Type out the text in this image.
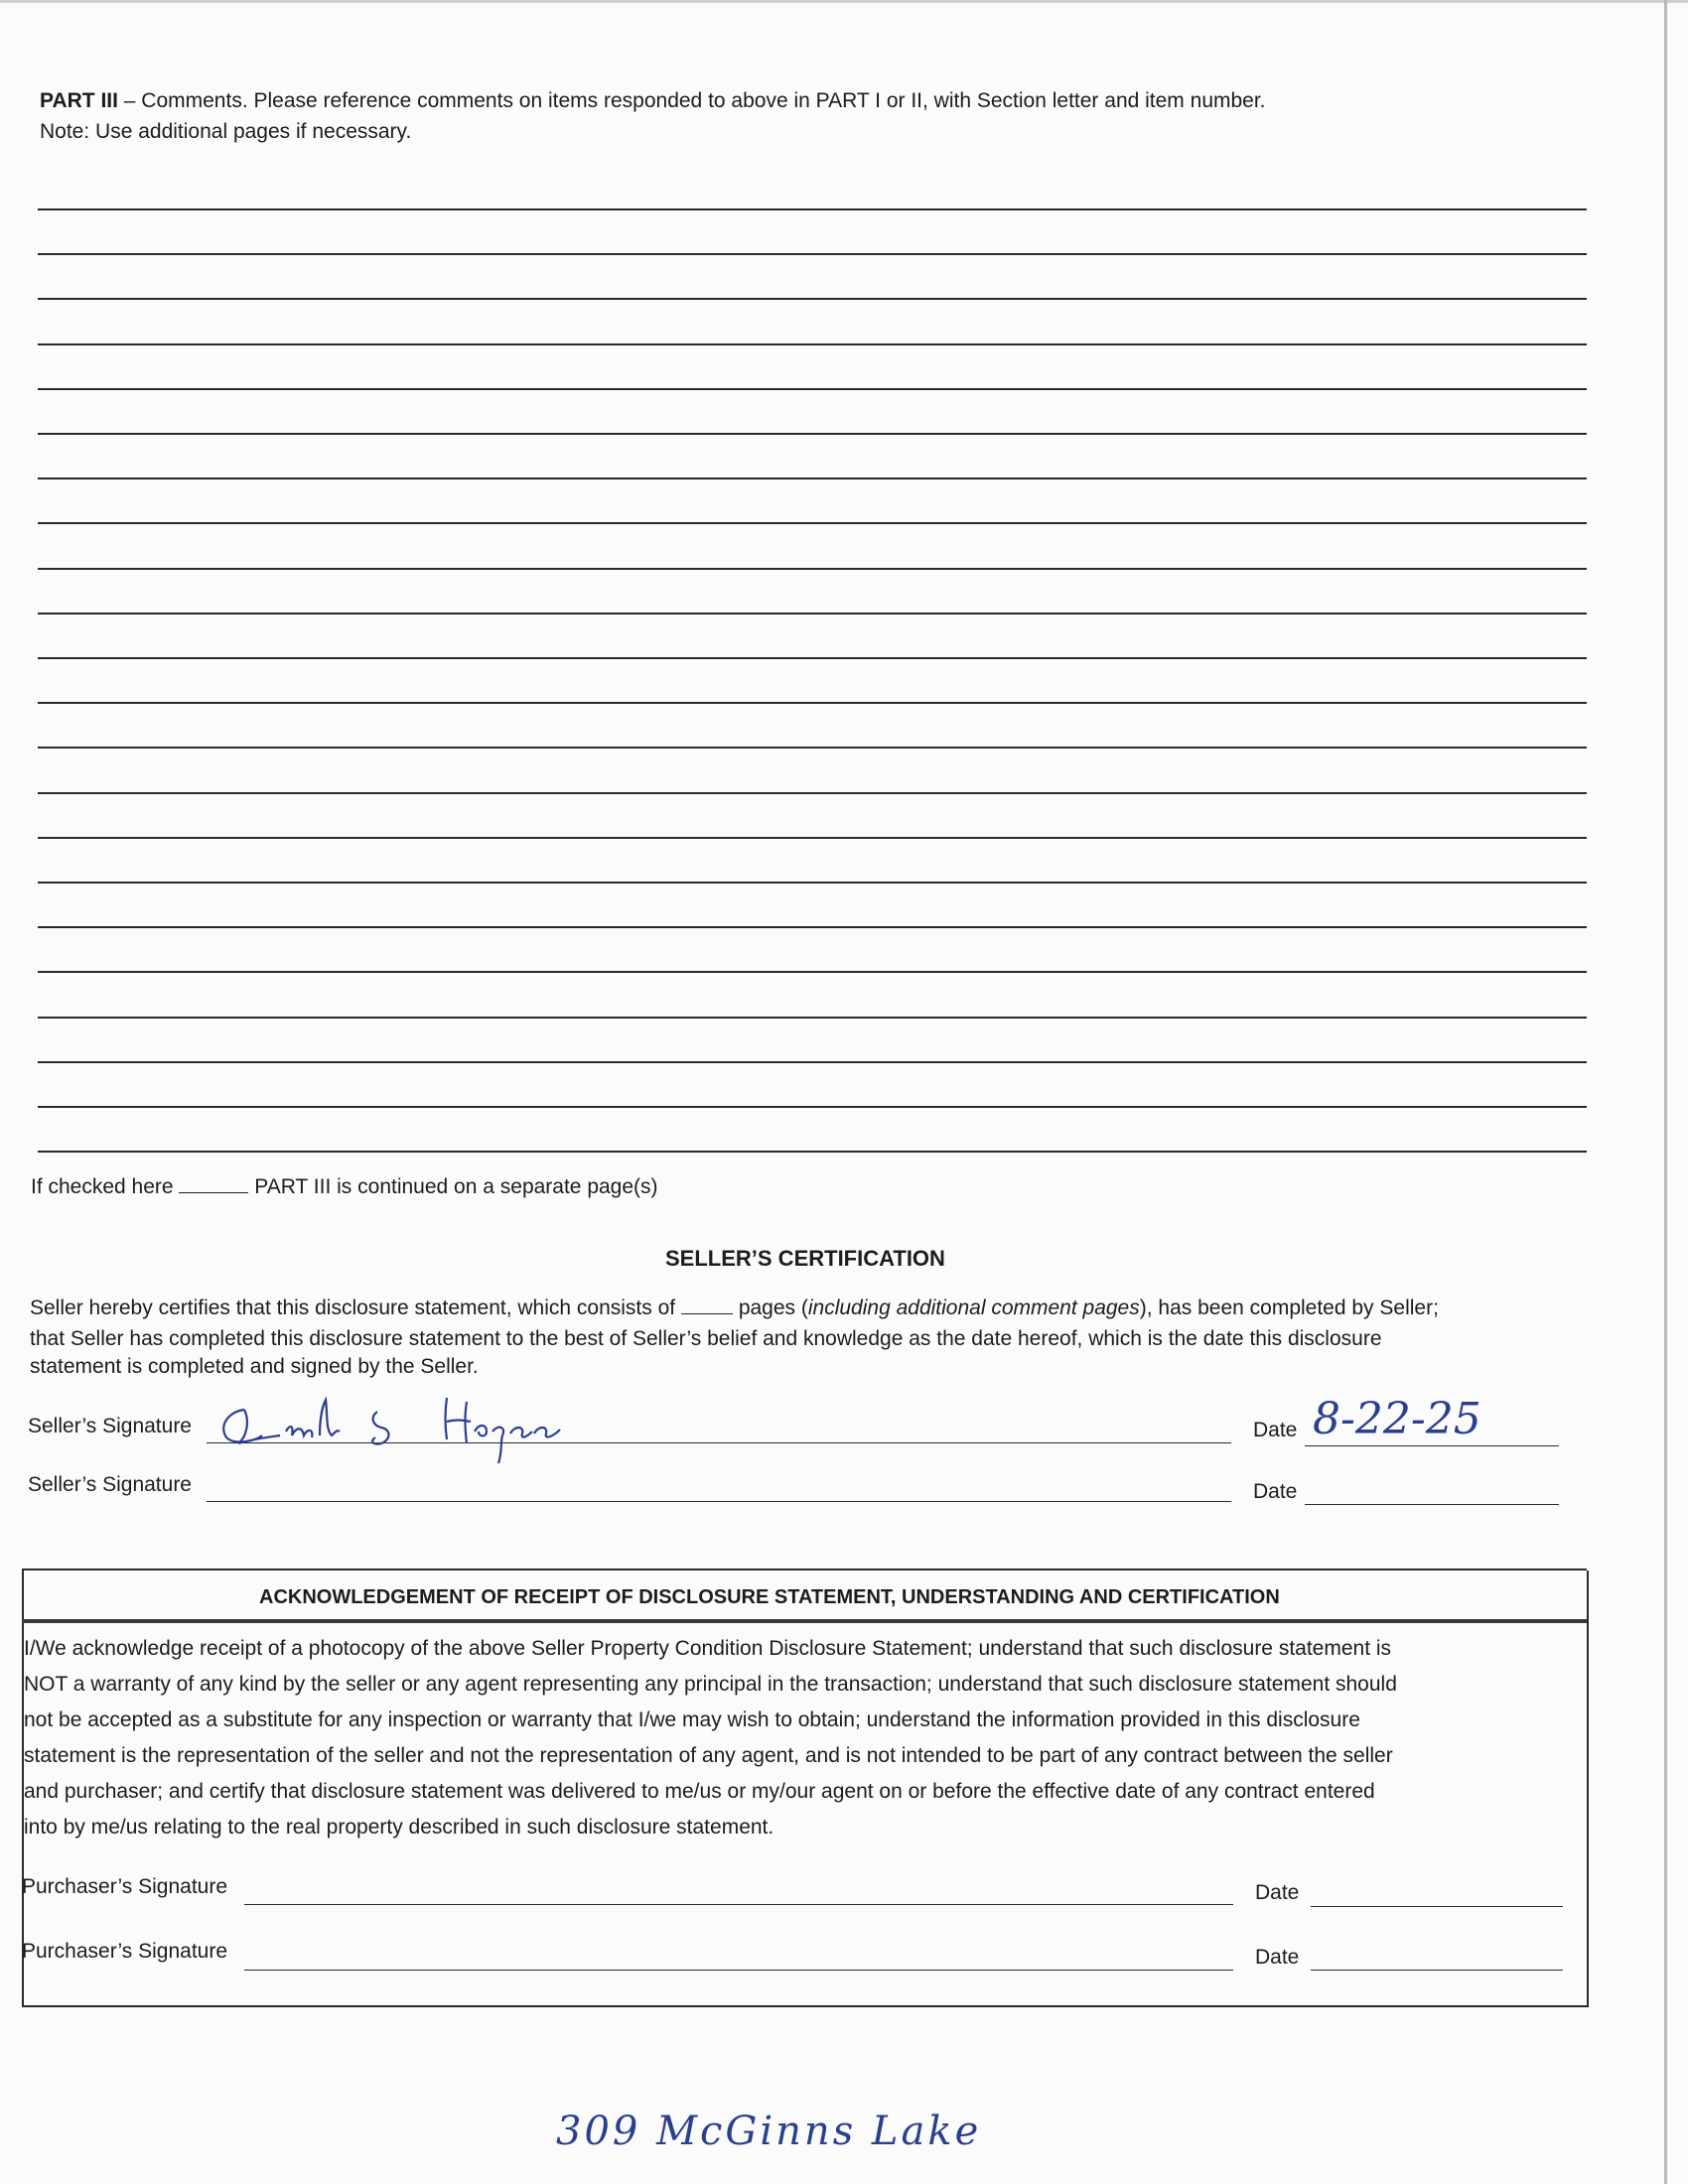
PART III – Comments. Please reference comments on items responded to above in PART I or II, with Section letter and item number.
Note: Use additional pages if necessary.
If checked here	PART III is continued on a separate page(s)
SELLER’S CERTIFICATION
Seller hereby certifies that this disclosure statement, which consists of	pages (including additional comment pages), has been completed by Seller;
that Seller has completed this disclosure statement to the best of Seller’s belief and knowledge as the date hereof, which is the date this disclosure
statement is completed and signed by the Seller.
Seller’s Signature	Date 8-22-25
Seller’s Signature	Date
ACKNOWLEDGEMENT OF RECEIPT OF DISCLOSURE STATEMENT, UNDERSTANDING AND CERTIFICATION
I/We acknowledge receipt of a photocopy of the above Seller Property Condition Disclosure Statement; understand that such disclosure statement is
NOT a warranty of any kind by the seller or any agent representing any principal in the transaction; understand that such disclosure statement should
not be accepted as a substitute for any inspection or warranty that I/we may wish to obtain; understand the information provided in this disclosure
statement is the representation of the seller and not the representation of any agent, and is not intended to be part of any contract between the seller
and purchaser; and certify that disclosure statement was delivered to me/us or my/our agent on or before the effective date of any contract entered
into by me/us relating to the real property described in such disclosure statement.
Purchaser’s Signature	Date
Purchaser’s Signature	Date
309 McGinns Lake
